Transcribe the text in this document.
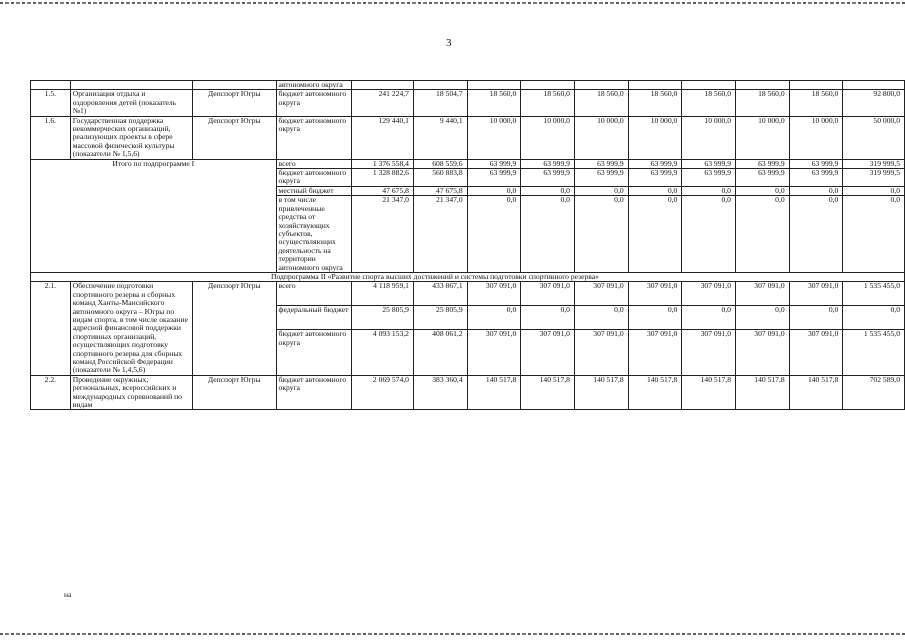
3
			автономного округа										
1.5.	Организация отдыха и оздоровления детей (показатель №1)	Депспорт Югры	бюджет автономного округа	241 224,7	18 504,7	18 560,0	18 560,0	18 560,0	18 560,0	18 560,0	18 560,0	18 560,0	92 800,0
1.6.	Государственная поддержка некоммерческих организаций, реализующих проекты в сфере массовой физической культуры (показатели № 1,5,6)	Депспорт Югры	бюджет автономного округа	129 440,1	9 440,1	10 000,0	10 000,0	10 000,0	10 000,0	10 000,0	10 000,0	10 000,0	50 000,0
Итого по подпрограмме I			всего	1 376 558,4	608 559,6	63 999,9	63 999,9	63 999,9	63 999,9	63 999,9	63 999,9	63 999,9	319 999,5
			бюджет автономного округа	1 328 882,6	560 883,8	63 999,9	63 999,9	63 999,9	63 999,9	63 999,9	63 999,9	63 999,9	319 999,5
			местный бюджет	47 675,8	47 675,8	0,0	0,0	0,0	0,0	0,0	0,0	0,0	0,0
			в том числе привлеченные средства от хозяйствующих субъектов, осуществляющих деятельность на территории автономного округа	21 347,0	21 347,0	0,0	0,0	0,0	0,0	0,0	0,0	0,0	0,0
Подпрограмма II «Развитие спорта высших достижений и системы подготовки спортивного резерва»													
2.1.	Обеспечение подготовки спортивного резерва и сборных команд Ханты-Мансийского автономного округа – Югры по видам спорта, в том числе оказание адресной финансовой поддержки спортивных организаций, осуществляющих подготовку спортивного резерва для сборных команд Российской Федерации (показатели № 1,4,5,6)	Депспорт Югры	всего	4 118 959,1	433 867,1	307 091,0	307 091,0	307 091,0	307 091,0	307 091,0	307 091,0	307 091,0	1 535 455,0
			федеральный бюджет	25 805,9	25 805,9	0,0	0,0	0,0	0,0	0,0	0,0	0,0	0,0
			бюджет автономного округа	4 093 153,2	408 061,2	307 091,0	307 091,0	307 091,0	307 091,0	307 091,0	307 091,0	307 091,0	1 535 455,0
2.2.	Проведение окружных, региональных, всероссийских и международных соревнований по видам	Депспорт Югры	бюджет автономного округа	2 069 574,0	383 360,4	140 517,8	140 517,8	140 517,8	140 517,8	140 517,8	140 517,8	140 517,8	702 589,0
на
